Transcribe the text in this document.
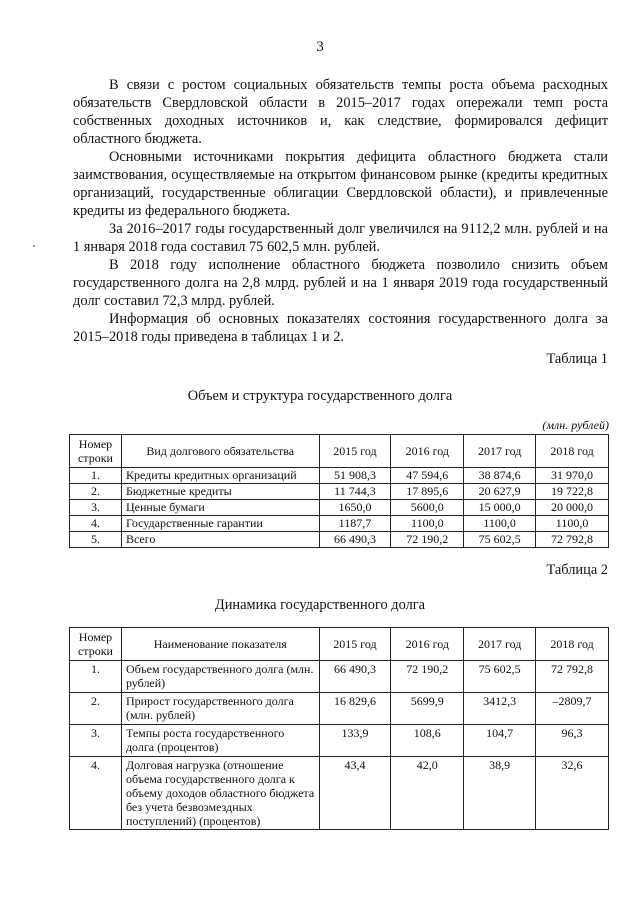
3

В связи с ростом социальных обязательств темпы роста объема расходных обязательств Свердловской области в 2015–2017 годах опережали темп роста собственных доходных источников и, как следствие, формировался дефицит областного бюджета.

Основными источниками покрытия дефицита областного бюджета стали заимствования, осуществляемые на открытом финансовом рынке (кредиты кредитных организаций, государственные облигации Свердловской области), и привлеченные кредиты из федерального бюджета.

За 2016–2017 годы государственный долг увеличился на 9112,2 млн. рублей и на 1 января 2018 года составил 75 602,5 млн. рублей.

В 2018 году исполнение областного бюджета позволило снизить объем государственного долга на 2,8 млрд. рублей и на 1 января 2019 года государственный долг составил 72,3 млрд. рублей.

Информация об основных показателях состояния государственного долга за 2015–2018 годы приведена в таблицах 1 и 2.

Таблица 1
Объем и структура государственного долга
(млн. рублей)
Номер строки	Вид долгового обязательства	2015 год	2016 год	2017 год	2018 год
1.	Кредиты кредитных организаций	51 908,3	47 594,6	38 874,6	31 970,0
2.	Бюджетные кредиты	11 744,3	17 895,6	20 627,9	19 722,8
3.	Ценные бумаги	1650,0	5600,0	15 000,0	20 000,0
4.	Государственные гарантии	1187,7	1100,0	1100,0	1100,0
5.	Всего	66 490,3	72 190,2	75 602,5	72 792,8
Таблица 2
Динамика государственного долга
Номер строки	Наименование показателя	2015 год	2016 год	2017 год	2018 год
1.	Объем государственного долга (млн. рублей)	66 490,3	72 190,2	75 602,5	72 792,8
2.	Прирост государственного долга (млн. рублей)	16 829,6	5699,9	3412,3	–2809,7
3.	Темпы роста государственного долга (процентов)	133,9	108,6	104,7	96,3
4.	Долговая нагрузка (отношение объема государственного долга к объему доходов областного бюджета без учета безвозмездных поступлений) (процентов)	43,4	42,0	38,9	32,6
